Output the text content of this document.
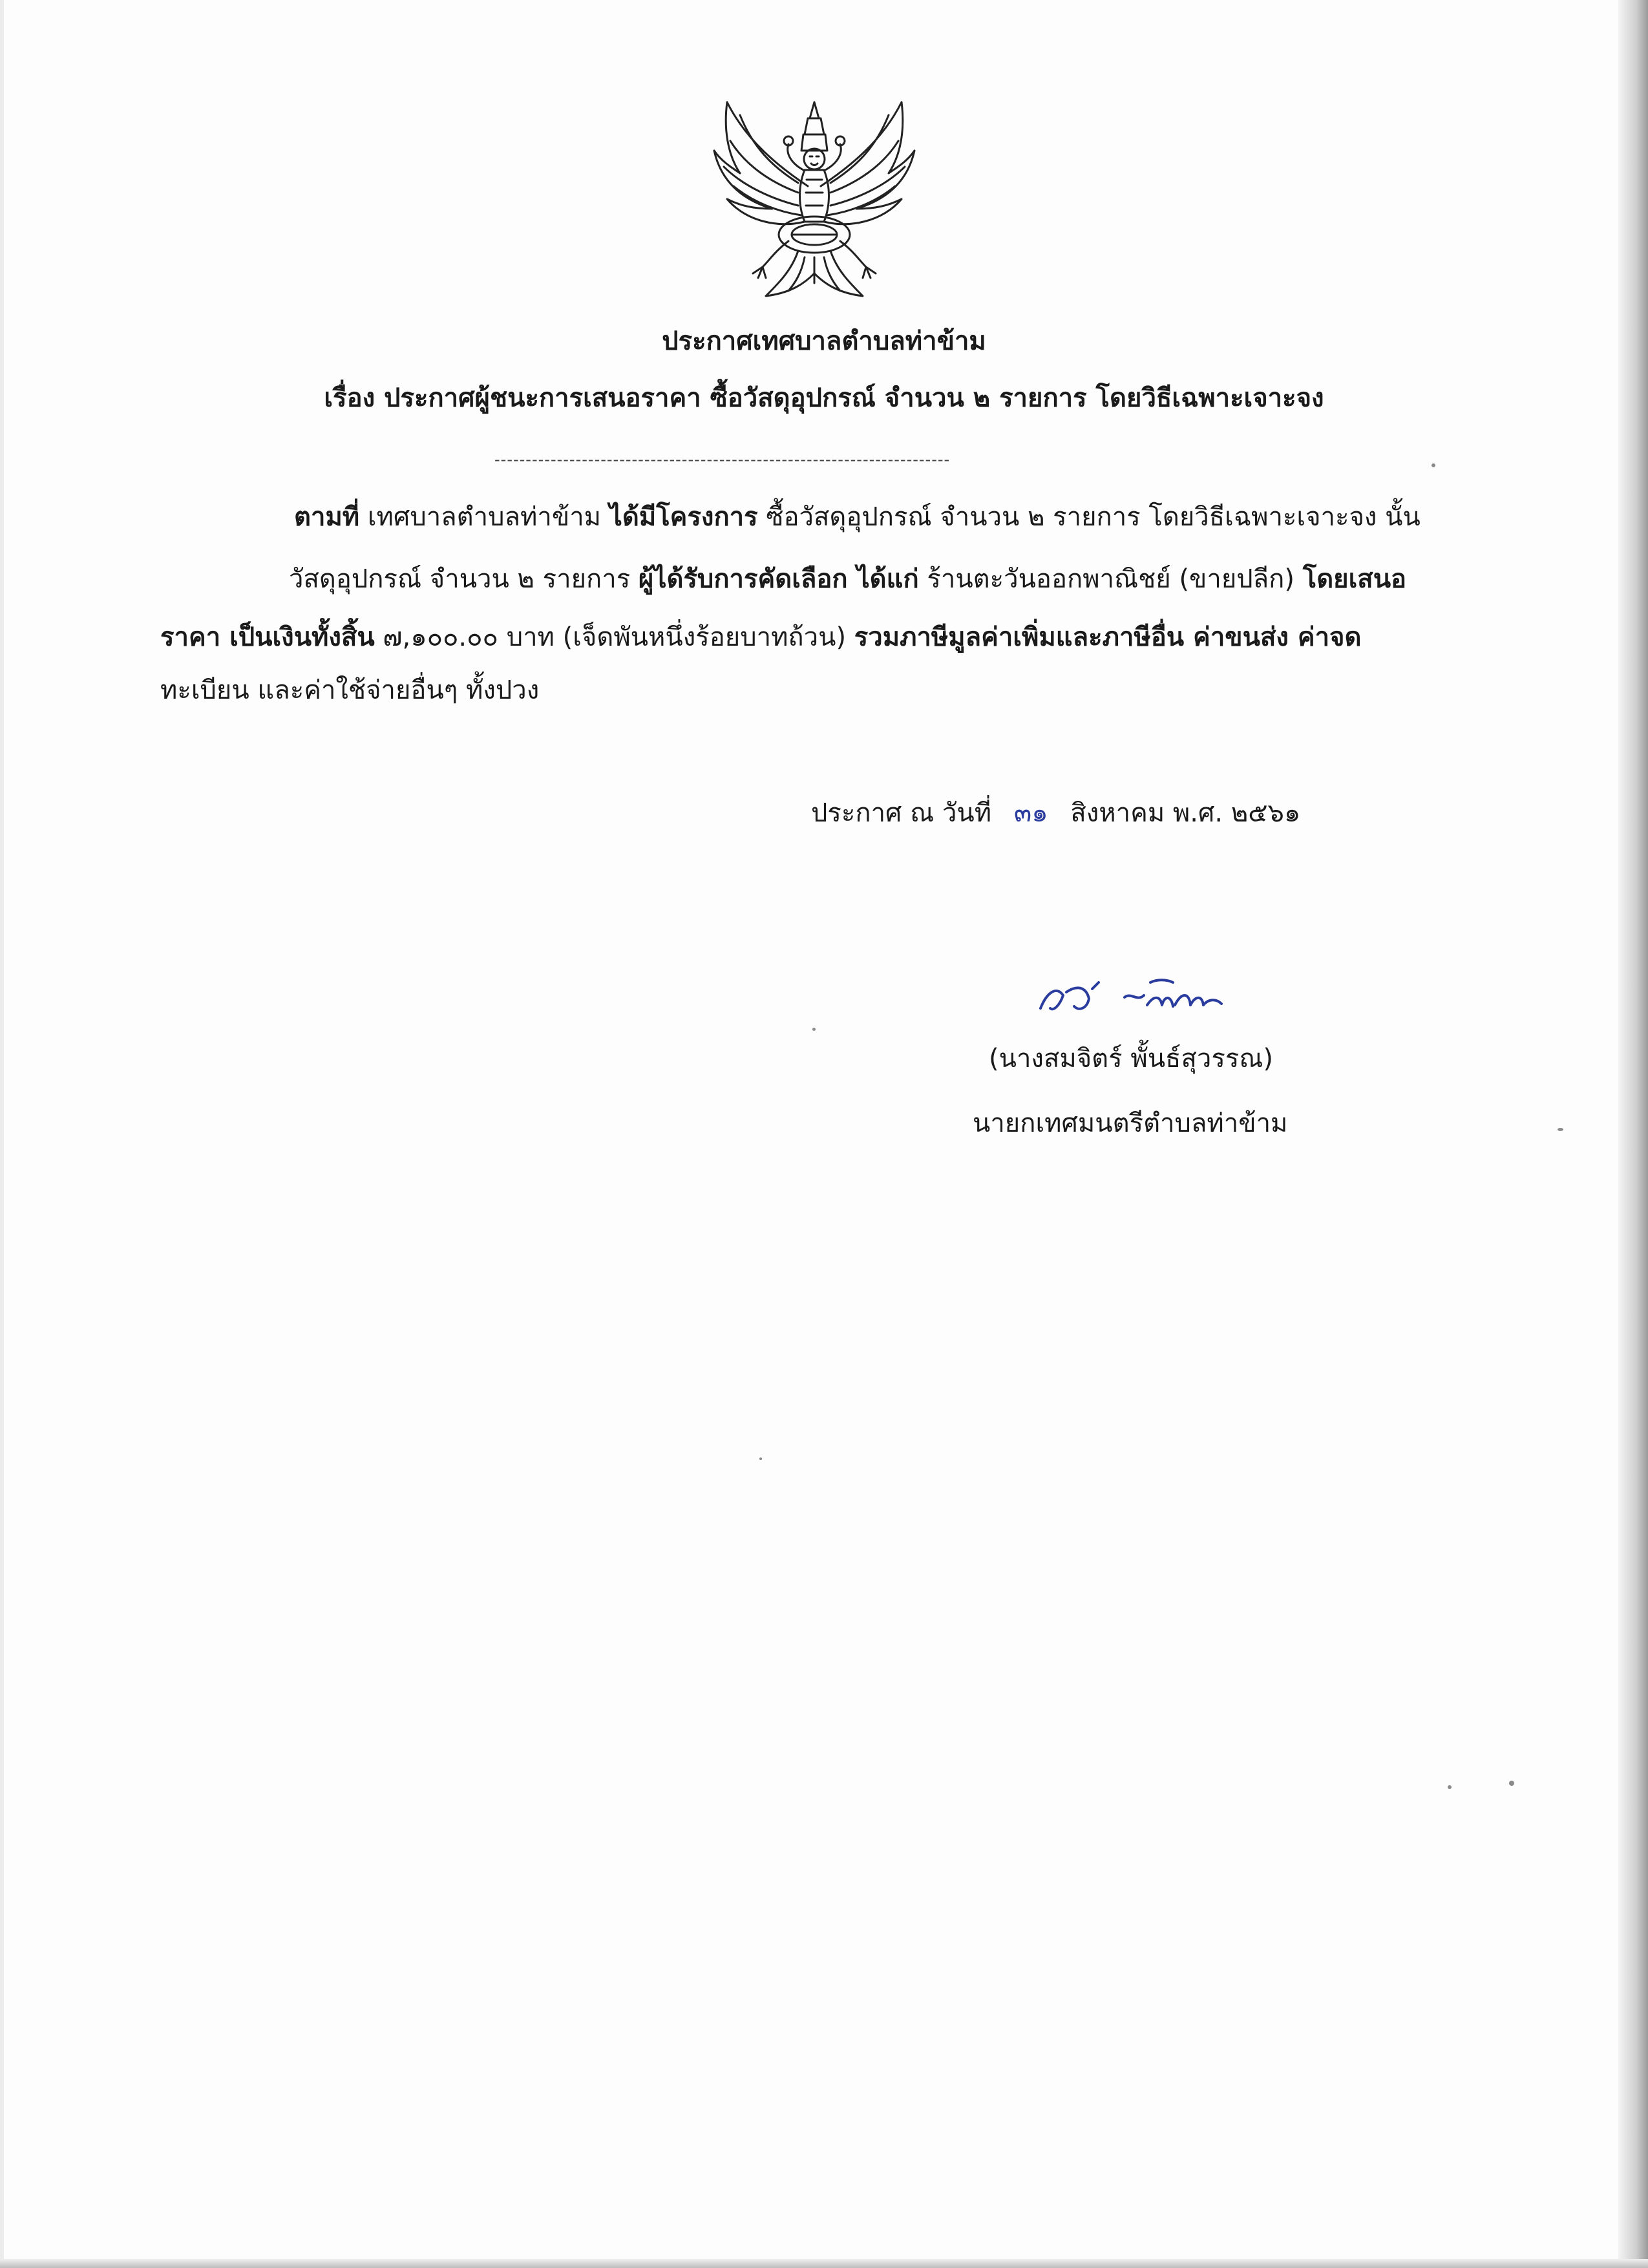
ประกาศเทศบาลตำบลท่าข้าม
เรื่อง ประกาศผู้ชนะการเสนอราคา ซื้อวัสดุอุปกรณ์ จำนวน ๒ รายการ โดยวิธีเฉพาะเจาะจง
-------------------------------------------------------------------------
ตามที่ เทศบาลตำบลท่าข้าม ได้มีโครงการ ซื้อวัสดุอุปกรณ์ จำนวน ๒ รายการ โดยวิธีเฉพาะเจาะจง นั้น
วัสดุอุปกรณ์ จำนวน ๒ รายการ ผู้ได้รับการคัดเลือก ได้แก่ ร้านตะวันออกพาณิชย์ (ขายปลีก) โดยเสนอ
ราคา เป็นเงินทั้งสิ้น ๗,๑๐๐.๐๐ บาท (เจ็ดพันหนึ่งร้อยบาทถ้วน) รวมภาษีมูลค่าเพิ่มและภาษีอื่น ค่าขนส่ง ค่าจด
ทะเบียน และค่าใช้จ่ายอื่นๆ ทั้งปวง
ประกาศ ณ วันที่ ๓๑ สิงหาคม พ.ศ. ๒๕๖๑
(นางสมจิตร์ พั้นธ์สุวรรณ)
นายกเทศมนตรีตำบลท่าข้าม
